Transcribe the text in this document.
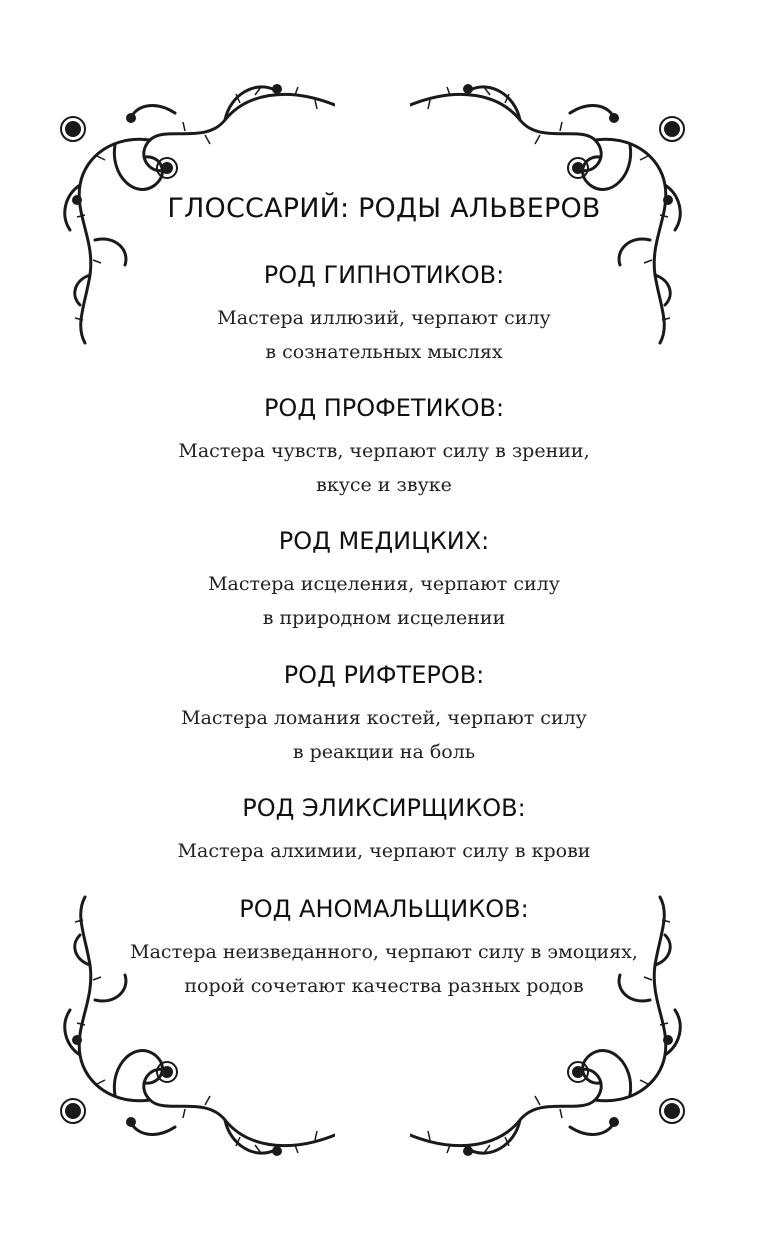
ГЛОССАРИЙ: РОДЫ АЛЬВЕРОВ
РОД ГИПНОТИКОВ:

Мастера иллюзий, черпают силу
в сознательных мыслях

РОД ПРОФЕТИКОВ:

Мастера чувств, черпают силу в зрении,
вкусе и звуке

РОД МЕДИЦКИХ:

Мастера исцеления, черпают силу
в природном исцелении

РОД РИФТЕРОВ:

Мастера ломания костей, черпают силу
в реакции на боль

РОД ЭЛИКСИРЩИКОВ:

Мастера алхимии, черпают силу в крови

РОД АНОМАЛЬЩИКОВ:

Мастера неизведанного, черпают силу в эмоциях,
порой сочетают качества разных родов
